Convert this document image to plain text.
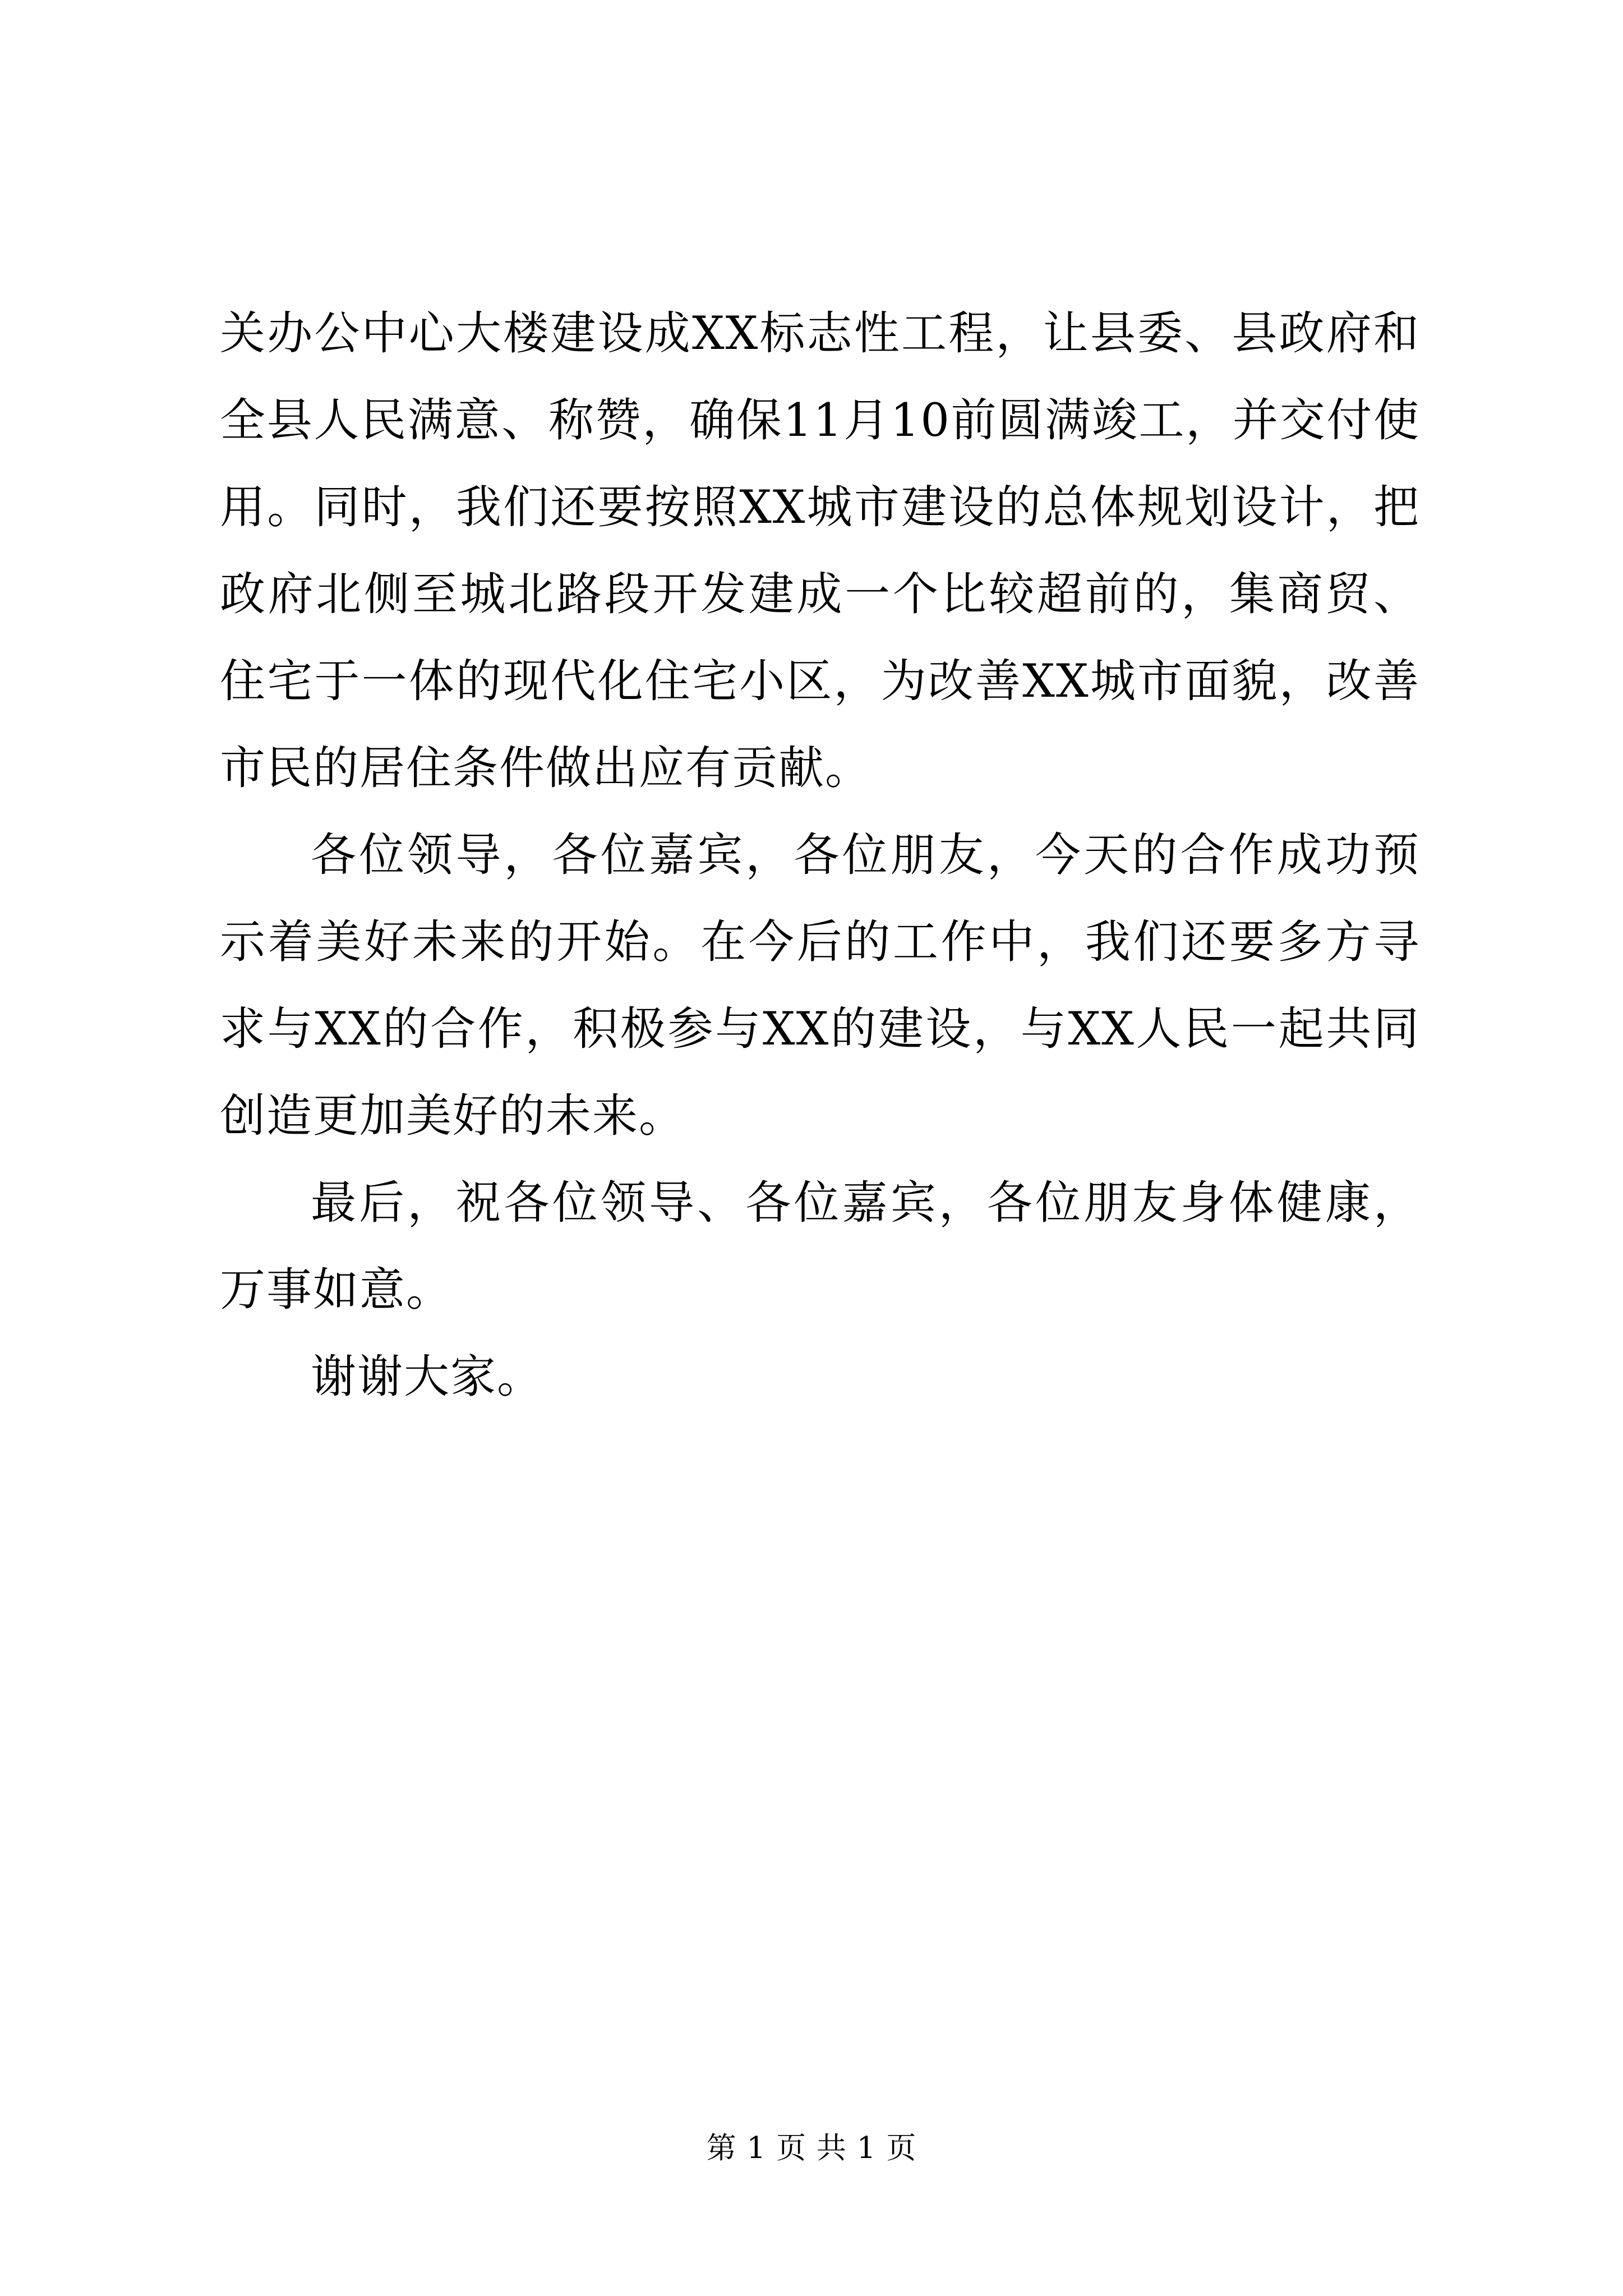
关办公中心大楼建设成XX标志性工程，让县委、县政府和全县人民满意、称赞，确保11月10前圆满竣工，并交付使用。同时，我们还要按照XX城市建设的总体规划设计，把政府北侧至城北路段开发建成一个比较超前的，集商贸、住宅于一体的现代化住宅小区，为改善XX城市面貌，改善市民的居住条件做出应有贡献。

各位领导，各位嘉宾，各位朋友，今天的合作成功预示着美好未来的开始。在今后的工作中，我们还要多方寻求与XX的合作，积极参与XX的建设，与XX人民一起共同创造更加美好的未来。

最后，祝各位领导、各位嘉宾，各位朋友身体健康，万事如意。

谢谢大家。

第 1 页 共 1 页
